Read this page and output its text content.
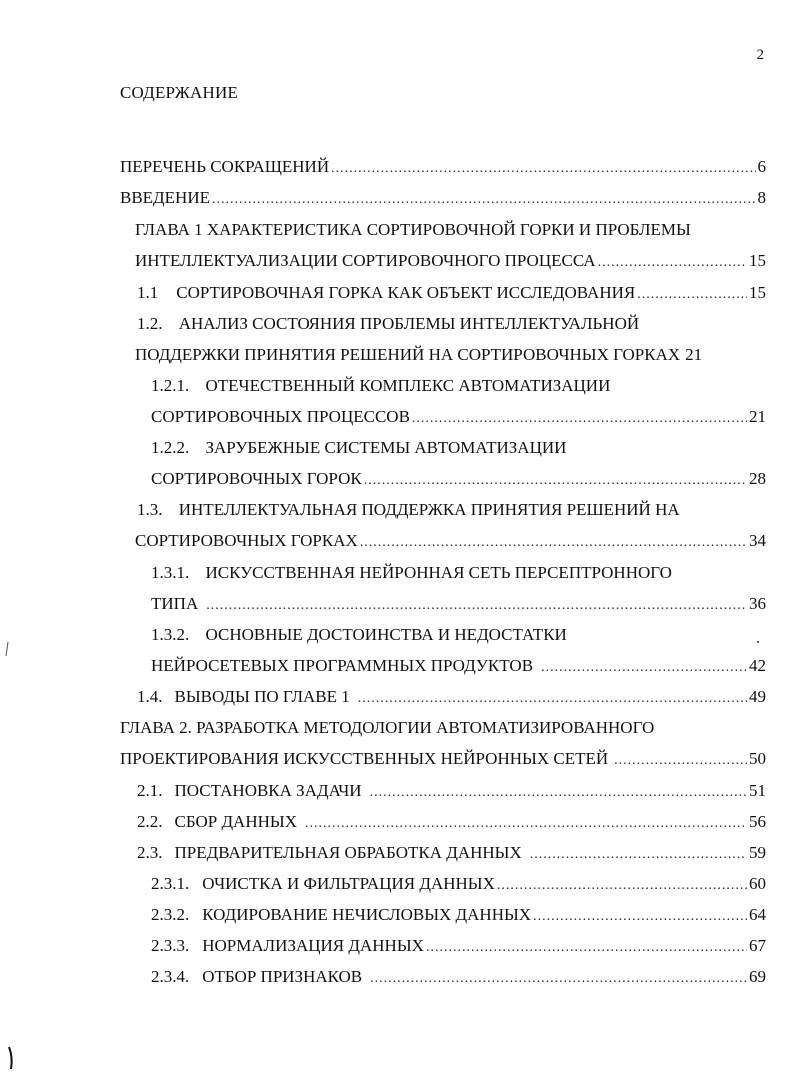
2
СОДЕРЖАНИЕ
ПЕРЕЧЕНЬ СОКРАЩЕНИЙ .....	6
ВВЕДЕНИЕ .....	8
ГЛАВА 1 ХАРАКТЕРИСТИКА СОРТИРОВОЧНОЙ ГОРКИ И ПРОБЛЕМЫ
ИНТЕЛЛЕКТУАЛИЗАЦИИ СОРТИРОВОЧНОГО ПРОЦЕССА .....	15
1.1 СОРТИРОВОЧНАЯ ГОРКА КАК ОБЪЕКТ ИССЛЕДОВАНИЯ .....	15
1.2. АНАЛИЗ СОСТОЯНИЯ ПРОБЛЕМЫ ИНТЕЛЛЕКТУАЛЬНОЙ
ПОДДЕРЖКИ ПРИНЯТИЯ РЕШЕНИЙ НА СОРТИРОВОЧНЫХ ГОРКАХ 21
1.2.1. ОТЕЧЕСТВЕННЫЙ КОМПЛЕКС АВТОМАТИЗАЦИИ
СОРТИРОВОЧНЫХ ПРОЦЕССОВ .....	21
1.2.2. ЗАРУБЕЖНЫЕ СИСТЕМЫ АВТОМАТИЗАЦИИ
СОРТИРОВОЧНЫХ ГОРОК .....	28
1.3. ИНТЕЛЛЕКТУАЛЬНАЯ ПОДДЕРЖКА ПРИНЯТИЯ РЕШЕНИЙ НА
СОРТИРОВОЧНЫХ ГОРКАХ .....	34
1.3.1. ИСКУССТВЕННАЯ НЕЙРОННАЯ СЕТЬ ПЕРСЕПТРОННОГО
ТИПА .....	36
1.3.2. ОСНОВНЫЕ ДОСТОИНСТВА И НЕДОСТАТКИ
НЕЙРОСЕТЕВЫХ ПРОГРАММНЫХ ПРОДУКТОВ .....	42
1.4. ВЫВОДЫ ПО ГЛАВЕ 1 .....	49
ГЛАВА 2. РАЗРАБОТКА МЕТОДОЛОГИИ АВТОМАТИЗИРОВАННОГО
ПРОЕКТИРОВАНИЯ ИСКУССТВЕННЫХ НЕЙРОННЫХ СЕТЕЙ .....	50
2.1. ПОСТАНОВКА ЗАДАЧИ .....	51
2.2. СБОР ДАННЫХ .....	56
2.3. ПРЕДВАРИТЕЛЬНАЯ ОБРАБОТКА ДАННЫХ .....	59
2.3.1. ОЧИСТКА И ФИЛЬТРАЦИЯ ДАННЫХ .....	60
2.3.2. КОДИРОВАНИЕ НЕЧИСЛОВЫХ ДАННЫХ .....	64
2.3.3. НОРМАЛИЗАЦИЯ ДАННЫХ .....	67
2.3.4. ОТБОР ПРИЗНАКОВ .....	69
